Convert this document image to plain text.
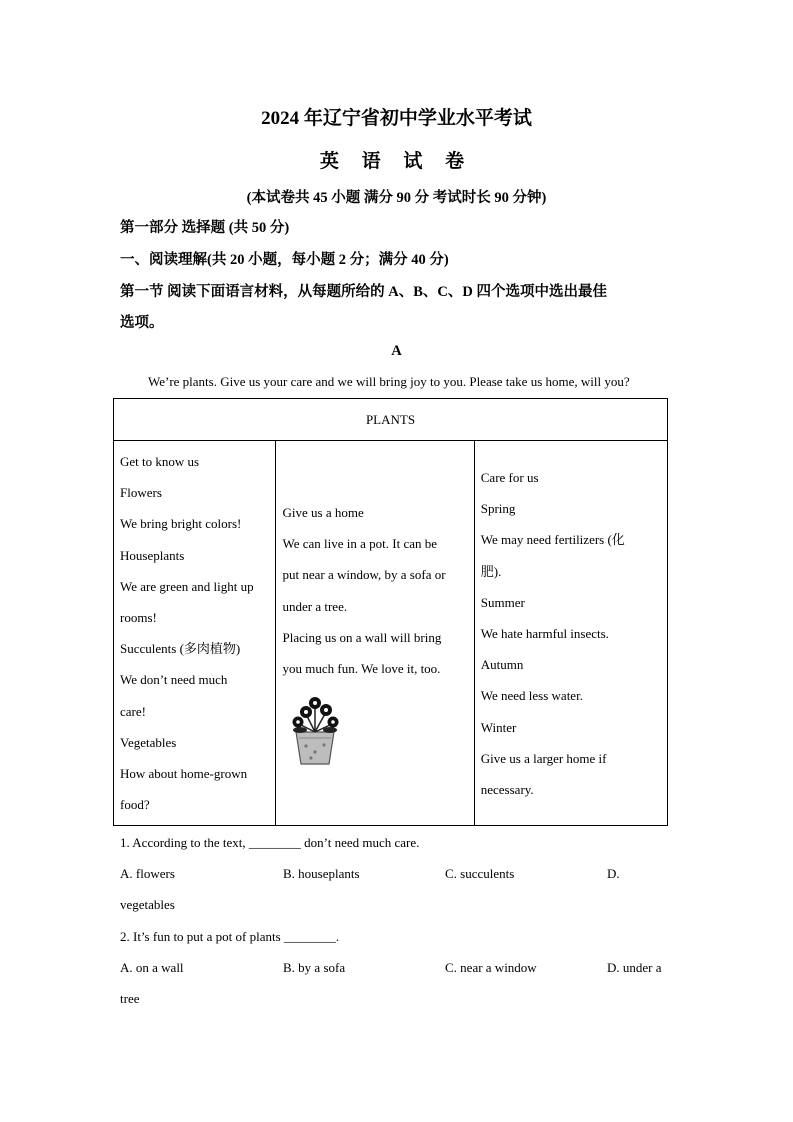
2024 年辽宁省初中学业水平考试
英 语 试 卷
(本试卷共 45 小题 满分 90 分 考试时长 90 分钟)
第一部分 选择题 (共 50 分)
一、阅读理解(共 20 小题，每小题 2 分；满分 40 分)
第一节 阅读下面语言材料，从每题所给的 A、B、C、D 四个选项中选出最佳
选项。
A
We’re plants. Give us your care and we will bring joy to you. Please take us home, will you?
PLANTS

Get to know us
Flowers
We bring bright colors!
Houseplants
We are green and light up
rooms!
Succulents (多肉植物)
We don’t need much
care!
Vegetables
How about home-grown
food?

Give us a home
We can live in a pot. It can be
put near a window, by a sofa or
under a tree.
Placing us on a wall will bring
you much fun. We love it, too.

Care for us
Spring
We may need fertilizers (化
肥).
Summer
We hate harmful insects.
Autumn
We need less water.
Winter
Give us a larger home if
necessary.
1. According to the text, ________ don’t need much care.
A. flowers	B. houseplants	C. succulents	D.
vegetables
2. It’s fun to put a pot of plants ________.
A. on a wall	B. by a sofa	C. near a window	D. under a
tree
